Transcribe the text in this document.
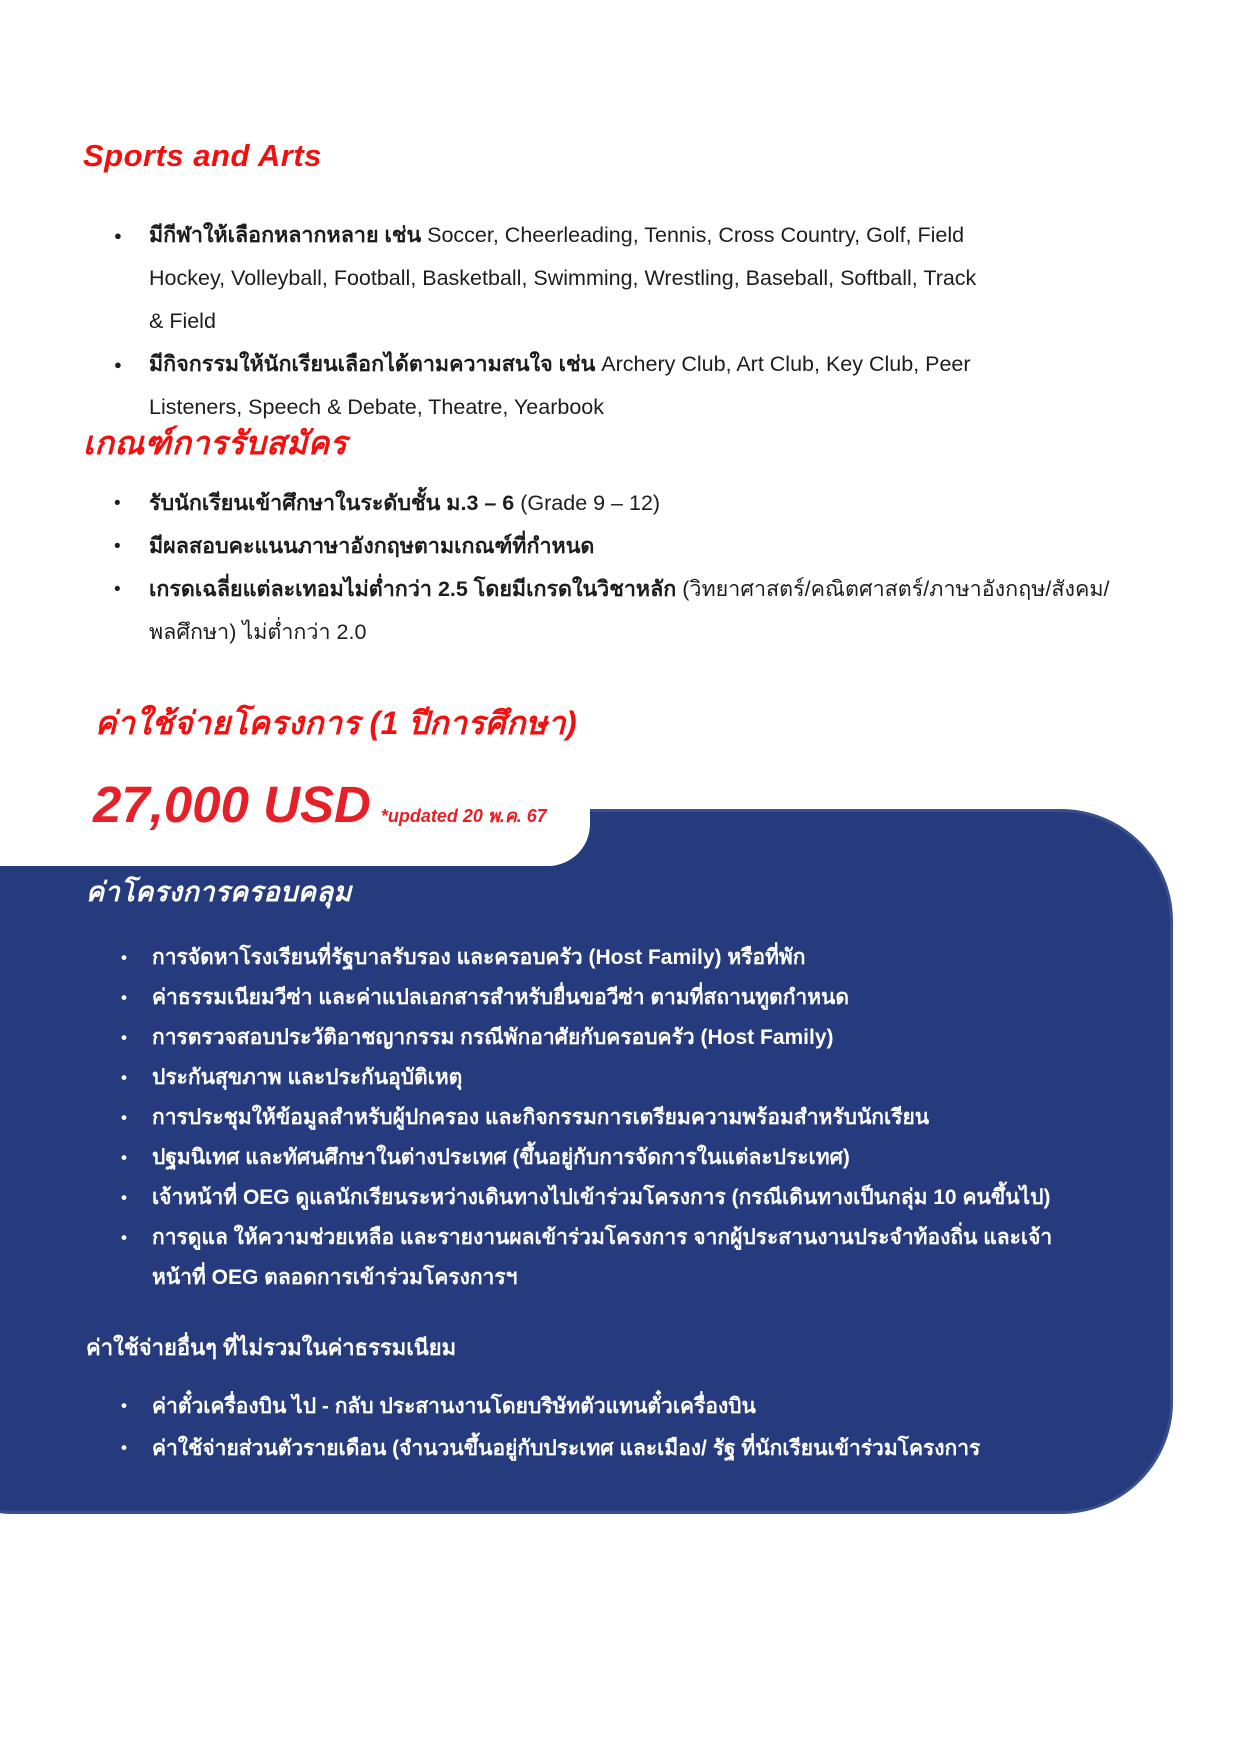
Sports and Arts
● มีกีฬาให้เลือกหลากหลาย เช่น Soccer, Cheerleading, Tennis, Cross Country, Golf, Field Hockey, Volleyball, Football, Basketball, Swimming, Wrestling, Baseball, Softball, Track & Field
● มีกิจกรรมให้นักเรียนเลือกได้ตามความสนใจ เช่น Archery Club, Art Club, Key Club, Peer Listeners, Speech & Debate, Theatre, Yearbook
เกณฑ์การรับสมัคร
• รับนักเรียนเข้าศึกษาในระดับชั้น ม.3 – 6 (Grade 9 – 12)
• มีผลสอบคะแนนภาษาอังกฤษตามเกณฑ์ที่กำหนด
• เกรดเฉลี่ยแต่ละเทอมไม่ต่ำกว่า 2.5 โดยมีเกรดในวิชาหลัก (วิทยาศาสตร์/คณิตศาสตร์/ภาษาอังกฤษ/สังคม/พลศึกษา) ไม่ต่ำกว่า 2.0
ค่าใช้จ่ายโครงการ (1 ปีการศึกษา)
27,000 USD *updated 20 พ.ค. 67
ค่าโครงการครอบคลุม
• การจัดหาโรงเรียนที่รัฐบาลรับรอง และครอบครัว (Host Family) หรือที่พัก
• ค่าธรรมเนียมวีซ่า และค่าแปลเอกสารสำหรับยื่นขอวีซ่า ตามที่สถานทูตกำหนด
• การตรวจสอบประวัติอาชญากรรม กรณีพักอาศัยกับครอบครัว (Host Family)
• ประกันสุขภาพ และประกันอุบัติเหตุ
• การประชุมให้ข้อมูลสำหรับผู้ปกครอง และกิจกรรมการเตรียมความพร้อมสำหรับนักเรียน
• ปฐมนิเทศ และทัศนศึกษาในต่างประเทศ (ขึ้นอยู่กับการจัดการในแต่ละประเทศ)
• เจ้าหน้าที่ OEG ดูแลนักเรียนระหว่างเดินทางไปเข้าร่วมโครงการ (กรณีเดินทางเป็นกลุ่ม 10 คนขึ้นไป)
• การดูแล ให้ความช่วยเหลือ และรายงานผลเข้าร่วมโครงการ จากผู้ประสานงานประจำท้องถิ่น และเจ้าหน้าที่ OEG ตลอดการเข้าร่วมโครงการฯ
ค่าใช้จ่ายอื่นๆ ที่ไม่รวมในค่าธรรมเนียม
• ค่าตั๋วเครื่องบิน ไป - กลับ ประสานงานโดยบริษัทตัวแทนตั๋วเครื่องบิน
• ค่าใช้จ่ายส่วนตัวรายเดือน (จำนวนขึ้นอยู่กับประเทศ และเมือง/ รัฐ ที่นักเรียนเข้าร่วมโครงการ
